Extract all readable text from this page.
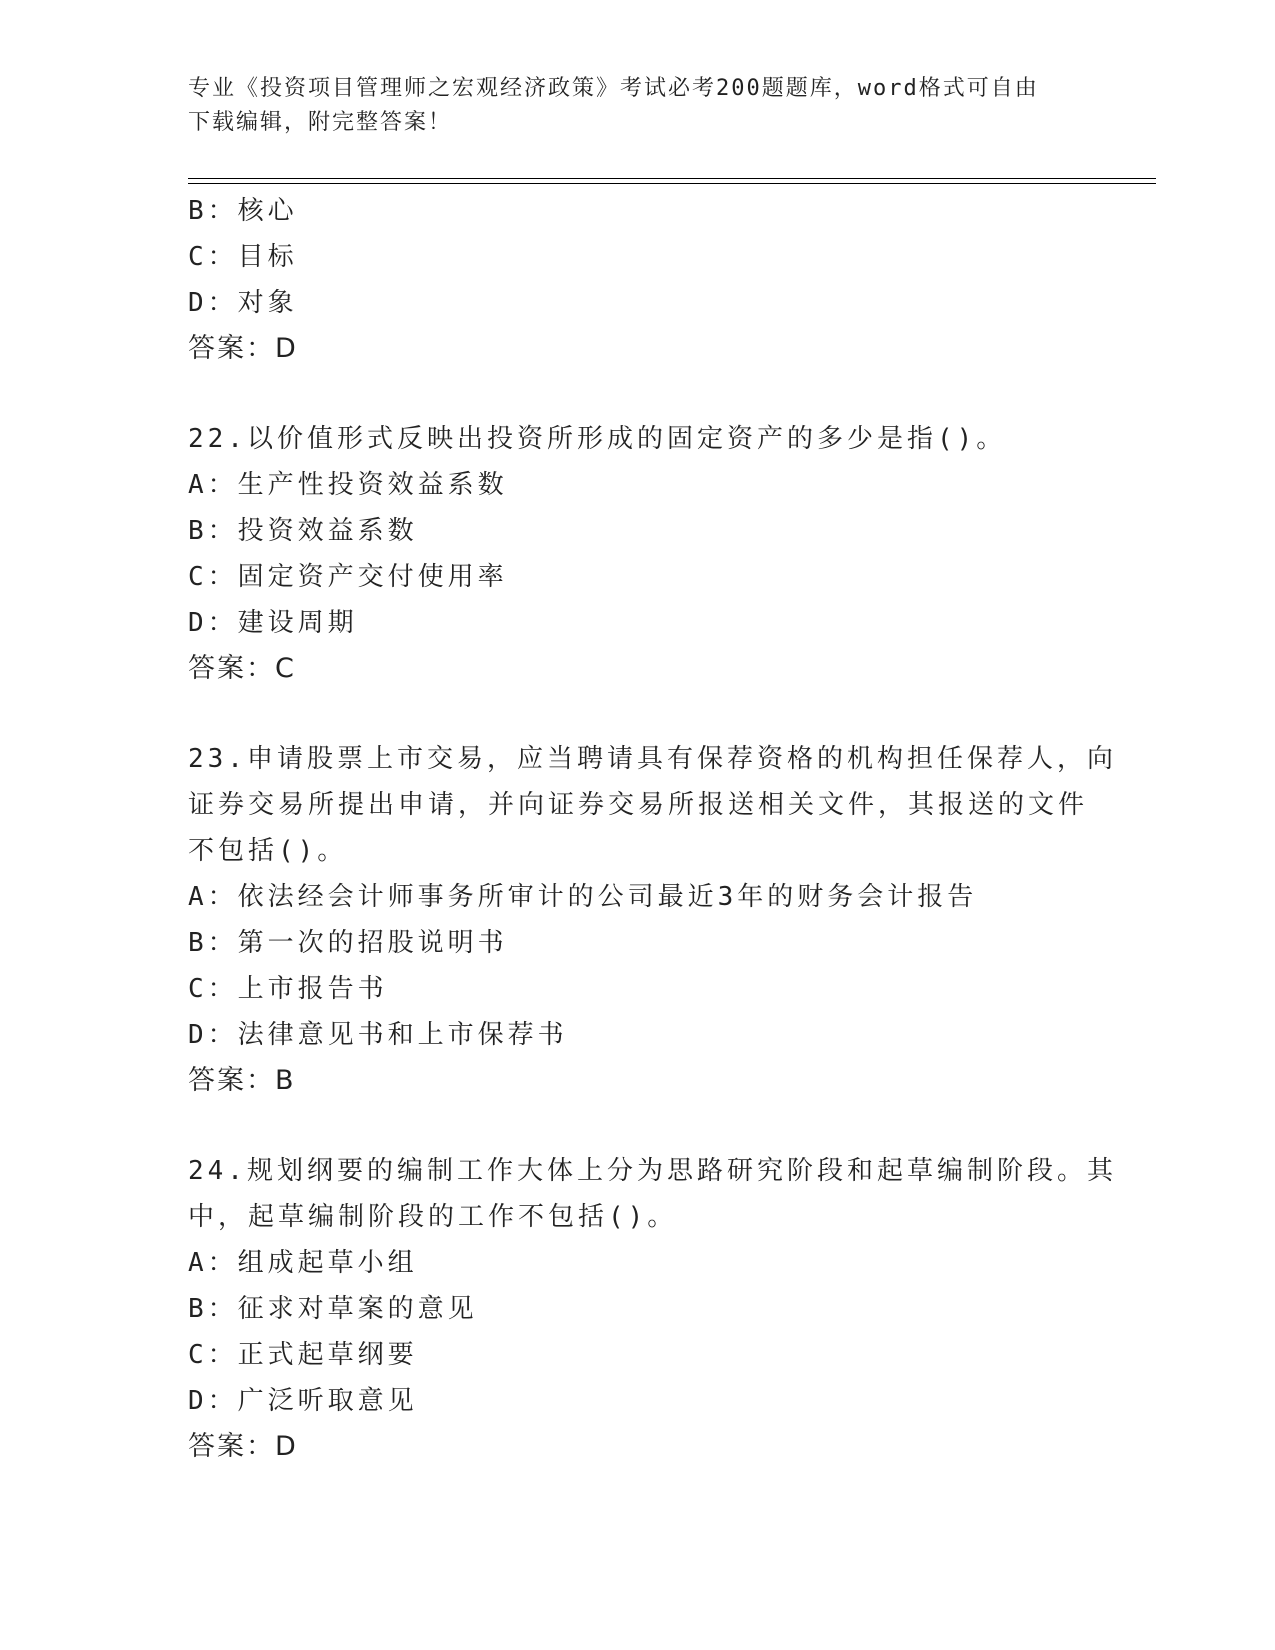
专业《投资项目管理师之宏观经济政策》考试必考200题题库，word格式可自由
下载编辑，附完整答案！
B：核心
C：目标
D：对象
答案：D
22.以价值形式反映出投资所形成的固定资产的多少是指()。
A：生产性投资效益系数
B：投资效益系数
C：固定资产交付使用率
D：建设周期
答案：C
23.申请股票上市交易，应当聘请具有保荐资格的机构担任保荐人，向
证券交易所提出申请，并向证券交易所报送相关文件，其报送的文件
不包括()。
A：依法经会计师事务所审计的公司最近3年的财务会计报告
B：第一次的招股说明书
C：上市报告书
D：法律意见书和上市保荐书
答案：B
24.规划纲要的编制工作大体上分为思路研究阶段和起草编制阶段。其
中，起草编制阶段的工作不包括()。
A：组成起草小组
B：征求对草案的意见
C：正式起草纲要
D：广泛听取意见
答案：D
